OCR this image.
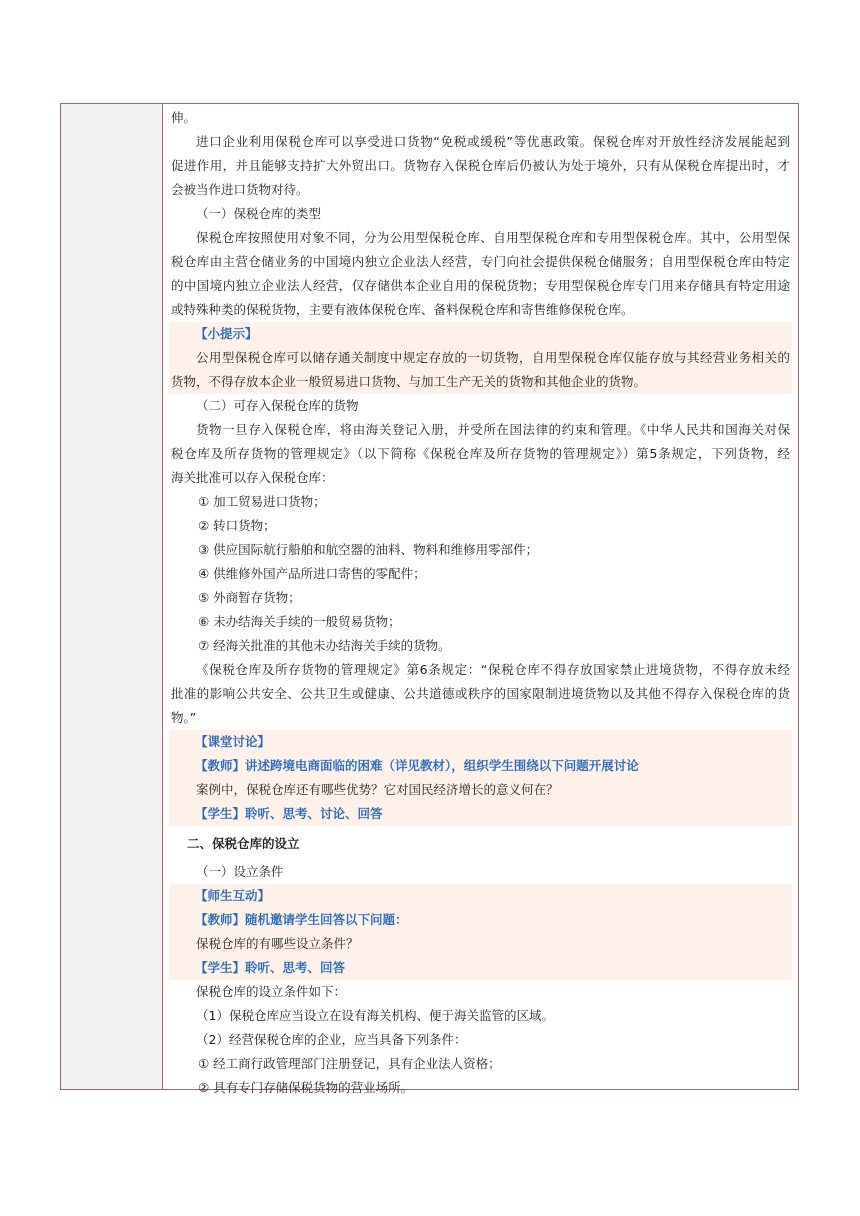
伸。

进口企业利用保税仓库可以享受进口货物“免税或缓税”等优惠政策。保税仓库对开放性经济发展能起到

促进作用，并且能够支持扩大外贸出口。货物存入保税仓库后仍被认为处于境外，只有从保税仓库提出时，才

会被当作进口货物对待。

（一）保税仓库的类型

保税仓库按照使用对象不同，分为公用型保税仓库、自用型保税仓库和专用型保税仓库。其中，公用型保

税仓库由主营仓储业务的中国境内独立企业法人经营，专门向社会提供保税仓储服务；自用型保税仓库由特定

的中国境内独立企业法人经营，仅存储供本企业自用的保税货物；专用型保税仓库专门用来存储具有特定用途

或特殊种类的保税货物，主要有液体保税仓库、备料保税仓库和寄售维修保税仓库。

【小提示】

公用型保税仓库可以储存通关制度中规定存放的一切货物，自用型保税仓库仅能存放与其经营业务相关的

货物，不得存放本企业一般贸易进口货物、与加工生产无关的货物和其他企业的货物。

（二）可存入保税仓库的货物

货物一旦存入保税仓库，将由海关登记入册，并受所在国法律的约束和管理。《中华人民共和国海关对保

税仓库及所存货物的管理规定》（以下简称《保税仓库及所存货物的管理规定》）第5条规定，下列货物，经

海关批准可以存入保税仓库：

① 加工贸易进口货物；

② 转口货物；

③ 供应国际航行船舶和航空器的油料、物料和维修用零部件；

④ 供维修外国产品所进口寄售的零配件；

⑤ 外商暂存货物；

⑥ 未办结海关手续的一般贸易货物；

⑦ 经海关批准的其他未办结海关手续的货物。

《保税仓库及所存货物的管理规定》第6条规定：“保税仓库不得存放国家禁止进境货物，不得存放未经

批准的影响公共安全、公共卫生或健康、公共道德或秩序的国家限制进境货物以及其他不得存入保税仓库的货

物。”

【课堂讨论】

【教师】讲述跨境电商面临的困难（详见教材），组织学生围绕以下问题开展讨论

案例中，保税仓库还有哪些优势？它对国民经济增长的意义何在？

【学生】聆听、思考、讨论、回答

二、保税仓库的设立

（一）设立条件

【师生互动】

【教师】随机邀请学生回答以下问题：

保税仓库的有哪些设立条件？

【学生】聆听、思考、回答

保税仓库的设立条件如下：

（1）保税仓库应当设立在设有海关机构、便于海关监管的区域。

（2）经营保税仓库的企业，应当具备下列条件：

① 经工商行政管理部门注册登记，具有企业法人资格；

② 具有专门存储保税货物的营业场所。
